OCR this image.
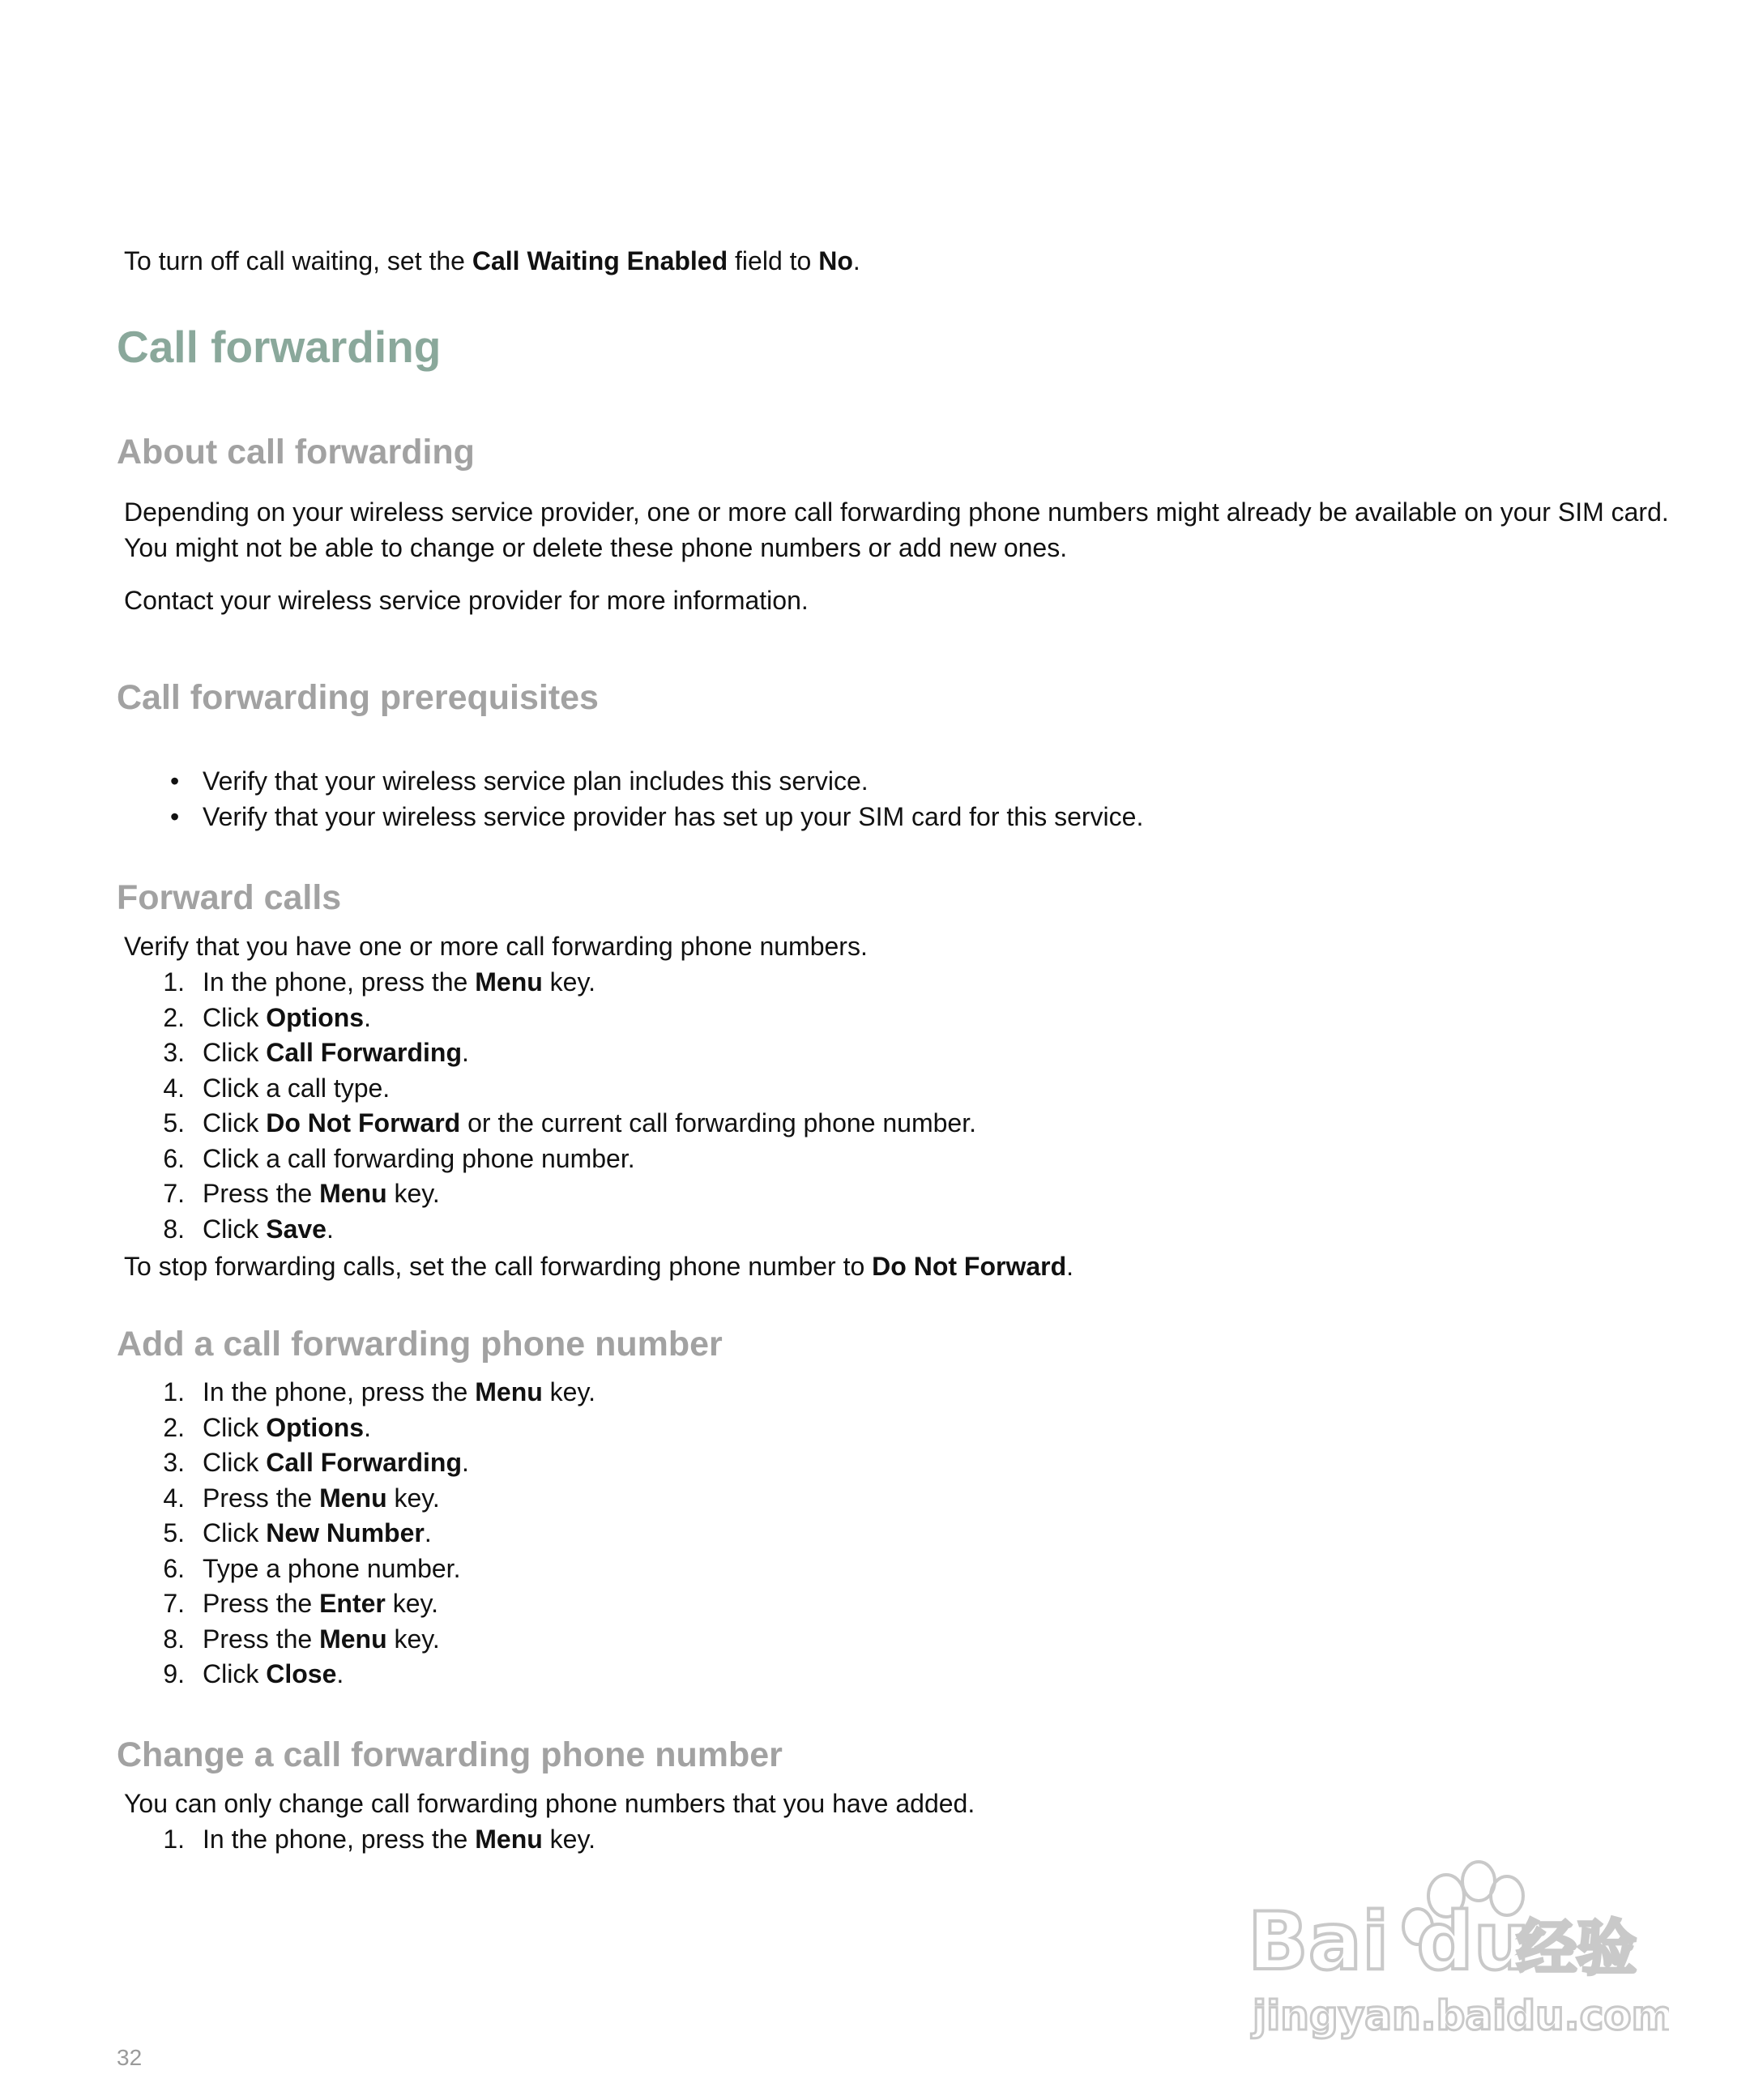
To turn off call waiting, set the Call Waiting Enabled field to No.

Call forwarding
About call forwarding

Depending on your wireless service provider, one or more call forwarding phone numbers might already be available on your SIM card.

You might not be able to change or delete these phone numbers or add new ones.

Contact your wireless service provider for more information.

Call forwarding prerequisites
• Verify that your wireless service plan includes this service.
• Verify that your wireless service provider has set up your SIM card for this service.
Forward calls

Verify that you have one or more call forwarding phone numbers.

1. In the phone, press the Menu key.
2. Click Options.
3. Click Call Forwarding.
4. Click a call type.
5. Click Do Not Forward or the current call forwarding phone number.
6. Click a call forwarding phone number.
7. Press the Menu key.
8. Click Save.

To stop forwarding calls, set the call forwarding phone number to Do Not Forward.

Add a call forwarding phone number
1. In the phone, press the Menu key.
2. Click Options.
3. Click Call Forwarding.
4. Press the Menu key.
5. Click New Number.
6. Type a phone number.
7. Press the Enter key.
8. Press the Menu key.
9. Click Close.
Change a call forwarding phone number

You can only change call forwarding phone numbers that you have added.

1. In the phone, press the Menu key.
Bai du
经验
jingyan.baidu.com
32
